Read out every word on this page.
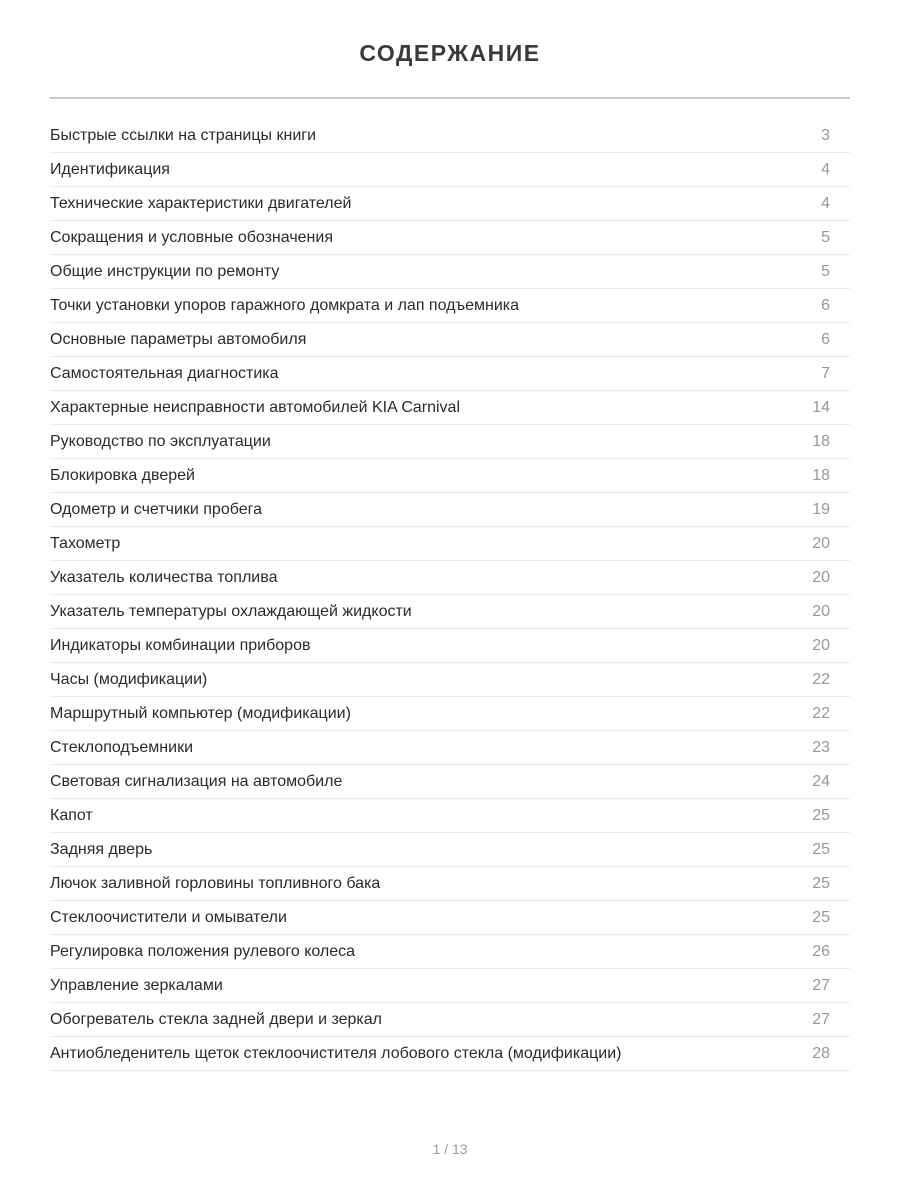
СОДЕРЖАНИЕ
Быстрые ссылки на страницы книги	3
Идентификация	4
Технические характеристики двигателей	4
Сокращения и условные обозначения	5
Общие инструкции по ремонту	5
Точки установки упоров гаражного домкрата и лап подъемника	6
Основные параметры автомобиля	6
Самостоятельная диагностика	7
Характерные неисправности автомобилей KIA Carnival	14
Руководство по эксплуатации	18
Блокировка дверей	18
Одометр и счетчики пробега	19
Тахометр	20
Указатель количества топлива	20
Указатель температуры охлаждающей жидкости	20
Индикаторы комбинации приборов	20
Часы (модификации)	22
Маршрутный компьютер (модификации)	22
Стеклоподъемники	23
Световая сигнализация на автомобиле	24
Капот	25
Задняя дверь	25
Лючок заливной горловины топливного бака	25
Стеклоочистители и омыватели	25
Регулировка положения рулевого колеса	26
Управление зеркалами	27
Обогреватель стекла задней двери и зеркал	27
Антиобледенитель щеток стеклоочистителя лобового стекла (модификации)	28
1 / 13
